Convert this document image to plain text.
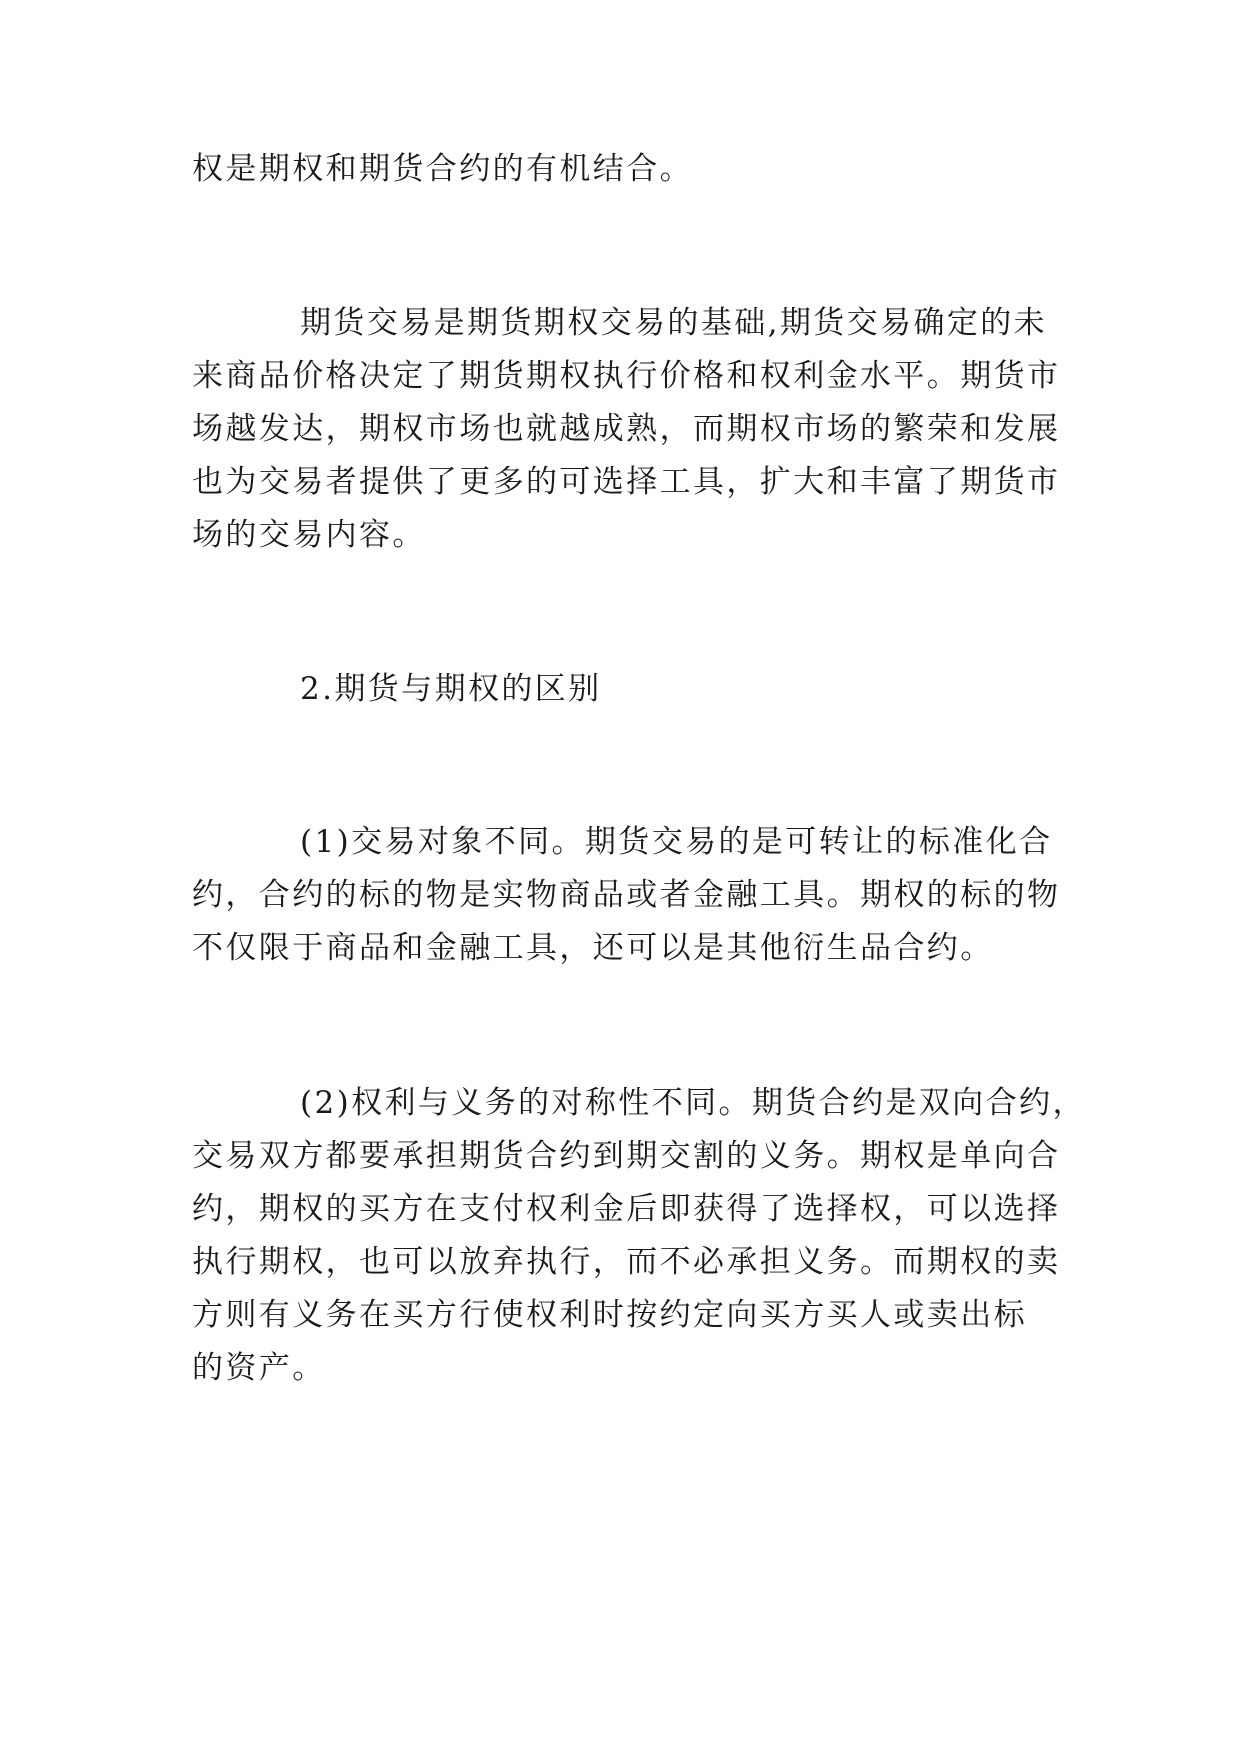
权是期权和期货合约的有机结合。

期货交易是期货期权交易的基础,期货交易确定的未
来商品价格决定了期货期权执行价格和权利金水平。期货市
场越发达，期权市场也就越成熟，而期权市场的繁荣和发展
也为交易者提供了更多的可选择工具，扩大和丰富了期货市
场的交易内容。

2.期货与期权的区别

(1)交易对象不同。期货交易的是可转让的标准化合
约，合约的标的物是实物商品或者金融工具。期权的标的物
不仅限于商品和金融工具，还可以是其他衍生品合约。

(2)权利与义务的对称性不同。期货合约是双向合约，
交易双方都要承担期货合约到期交割的义务。期权是单向合
约，期权的买方在支付权利金后即获得了选择权，可以选择
执行期权，也可以放弃执行，而不必承担义务。而期权的卖
方则有义务在买方行使权利时按约定向买方买人或卖出标
的资产。
